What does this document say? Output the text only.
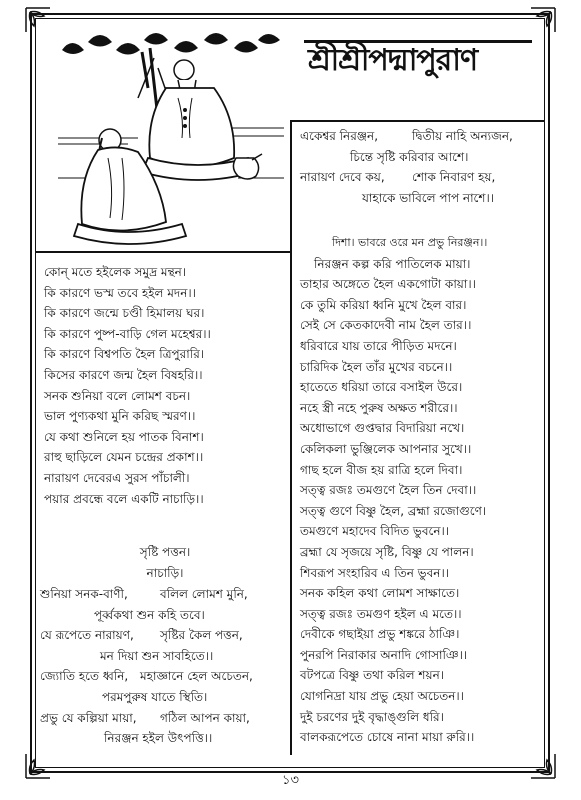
শ্রীশ্রীপদ্মাপুরাণ
একেশ্বর নিরঞ্জন,	দ্বিতীয় নাহি অন্যজন,
চিন্তে সৃষ্টি করিবার আশে।
নারায়ণ দেবে কয়,	শোক নিবারণ হয়,
যাহাকে ভাবিলে পাপ নাশে।।
কোন্ মতে হইলেক সমুদ্র মন্থন।
কি কারণে ভস্ম তবে হইল মদন।।
কি কারণে জন্মে চণ্ডী হিমালয় ঘর।
কি কারণে পুষ্প-বাড়ি গেল মহেশ্বর।।
কি কারণে বিশ্বপতি হৈল ত্রিপুরারি।
কিসের কারণে জন্ম হৈল বিষহরি।।
সনক শুনিয়া বলে লোমশ বচন।
ভাল পুণ্যকথা মুনি করিছ স্মরণ।।
যে কথা শুনিলে হয় পাতক বিনাশ।
রাহু ছাড়িলে যেমন চন্দ্রের প্রকাশ।।
নারায়ণ দেবেরএ সুরস পাঁচালী।
পয়ার প্রবন্ধে বলে একটি নাচাড়ি।।
সৃষ্টি পত্তন।
নাচাড়ি।
শুনিয়া সনক-বাণী,	বলিল লোমশ মুনি,
পূর্ব্বকথা শুন কহি তবে।
যে রূপেতে নারায়ণ,	সৃষ্টির কৈল পত্তন,
মন দিয়া শুন সাবহিতে।।
জ্যোতি হতে ধ্বনি, মহাজ্ঞানে হেল অচেতন,
পরমপুরুষ যাতে স্থিতি।
প্রভু যে কল্পিয়া মায়া,	গঠিল আপন কায়া,
নিরঞ্জন হইল উৎপত্তি।।
দিশা। ভাবরে ওরে মন প্রভু নিরঞ্জন।।
নিরঞ্জন কল্প করি পাতিলেক মায়া।
তাহার অঙ্গেতে হৈল একগোটা কায়া।।
কে তুমি করিয়া ধ্বনি মুখে হৈল বার।
সেই সে কেতকাদেবী নাম হৈল তার।।
ধরিবারে যায় তারে পীড়িত মদনে।
চারিদিক হৈল তাঁর মুখের বচনে।।
হাতেতে ধরিয়া তারে বসাইল উরে।
নহে স্ত্রী নহে পুরুষ অক্ষত শরীরে।।
অধোভাগে গুপ্তদ্বার বিদারিয়া নখে।
কেলিকলা ভুঞ্জিলেক আপনার সুখে।।
গাছ হলে বীজ হয় রাত্রি হলে দিবা।
সত্ত্ব রজঃ তমগুণে হৈল তিন দেবা।।
সত্ত্ব গুণে বিষ্ণু হৈল, ব্রহ্মা রজোগুণে।
তমগুণে মহাদেব বিদিত ভুবনে।।
ব্রহ্মা যে সৃজয়ে সৃষ্টি, বিষ্ণু যে পালন।
শিবরূপ সংহারিব এ তিন ভুবন।।
সনক কহিল কথা লোমশ সাক্ষাতে।
সত্ত্ব রজঃ তমগুণ হইল এ মতে।।
দেবীকে গছাইয়া প্রভু শঙ্করে ঠাঞি।
পুনরপি নিরাকার অনাদি গোসাঞি।।
বটপত্রে বিষ্ণু তথা করিল শয়ন।
যোগনিদ্রা যায় প্রভু হেয়া অচেতন।।
দুই চরণের দুই বৃদ্ধাঙ্গুলি ধরি।
বালকরূপেতে চোষে নানা মায়া রুরি।।
১৩
